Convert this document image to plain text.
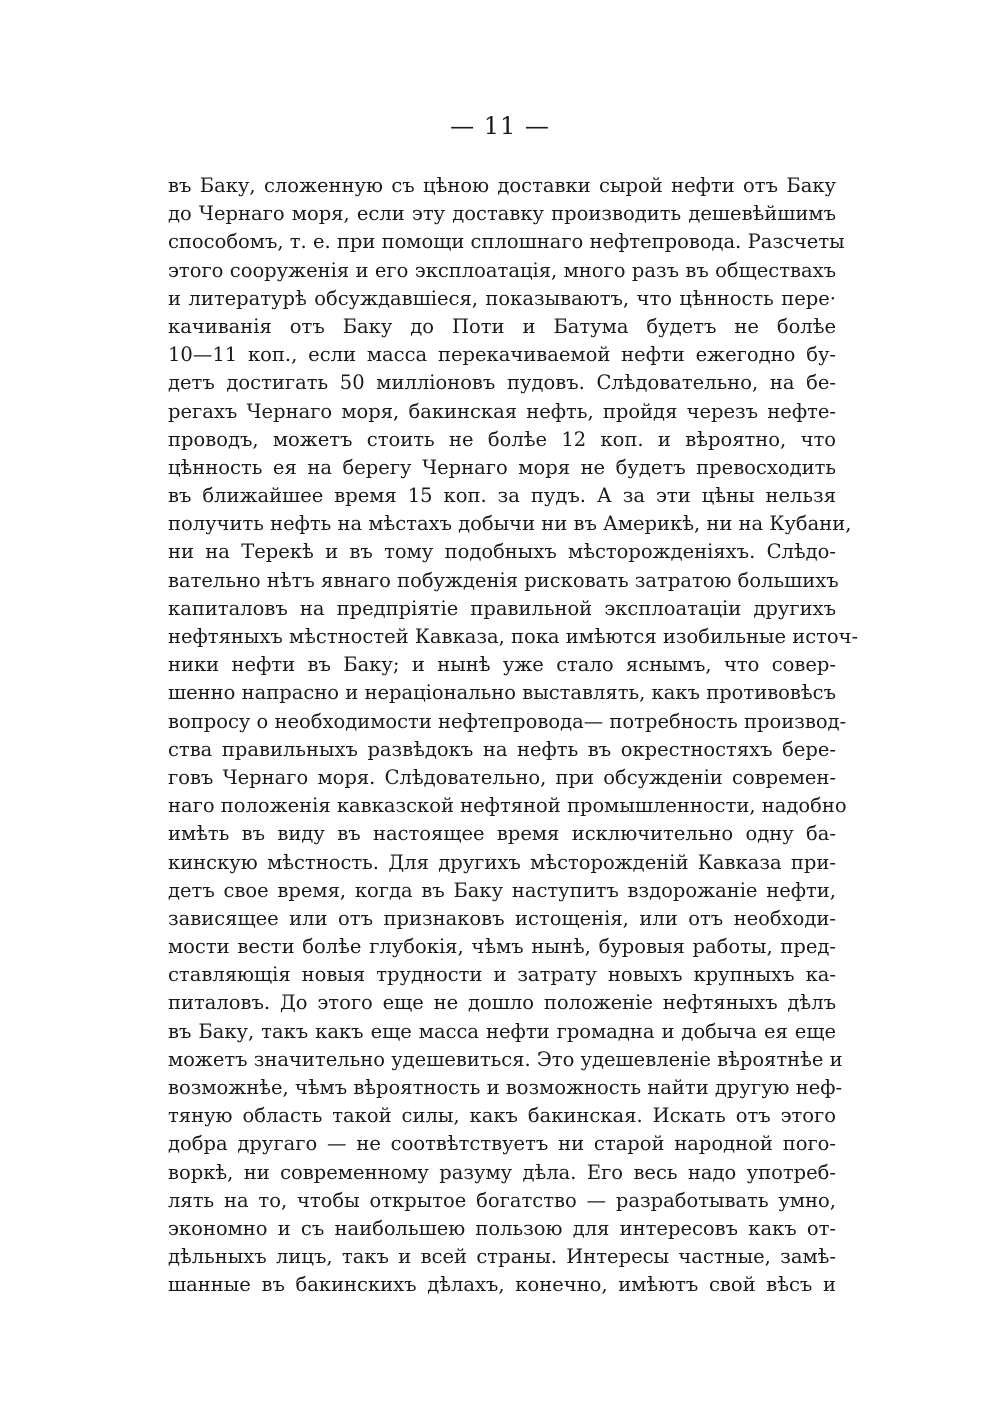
— 11 —
въ Баку, сложенную съ цѣною доставки сырой нефти отъ Баку
до Чернаго моря, если эту доставку производить дешевѣйшимъ
способомъ, т. е. при помощи сплошнаго нефтепровода. Разсчеты
этого сооруженія и его эксплоатація, много разъ въ обществахъ
и литературѣ обсуждавшіеся, показываютъ, что цѣнность пере·
качиванія отъ Баку до Поти и Батума будетъ не болѣе
10—11 коп., если масса перекачиваемой нефти ежегодно бу-
детъ достигать 50 милліоновъ пудовъ. Слѣдовательно, на бе-
регахъ Чернаго моря, бакинская нефть, пройдя черезъ нефте-
проводъ, можетъ стоить не болѣе 12 коп. и вѣроятно, что
цѣнность ея на берегу Чернаго моря не будетъ превосходить
въ ближайшее время 15 коп. за пудъ. А за эти цѣны нельзя
получить нефть на мѣстахъ добычи ни въ Америкѣ, ни на Кубани,
ни на Терекѣ и въ тому подобныхъ мѣсторожденіяхъ. Слѣдо-
вательно нѣтъ явнаго побужденія рисковать затратою большихъ
капиталовъ на предпріятіе правильной эксплоатаціи другихъ
нефтяныхъ мѣстностей Кавказа, пока имѣются изобильные источ-
ники нефти въ Баку; и нынѣ уже стало яснымъ, что совер-
шенно напрасно и нераціонально выставлять, какъ противовѣсъ
вопросу о необходимости нефтепровода— потребность производ-
ства правильныхъ развѣдокъ на нефть въ окрестностяхъ бере-
говъ Чернаго моря. Слѣдовательно, при обсужденіи современ-
наго положенія кавказской нефтяной промышленности, надобно
имѣть въ виду въ настоящее время исключительно одну ба-
кинскую мѣстность. Для другихъ мѣсторожденій Кавказа при-
детъ свое время, когда въ Баку наступитъ вздорожаніе нефти,
зависящее или отъ признаковъ истощенія, или отъ необходи-
мости вести болѣе глубокія, чѣмъ нынѣ, буровыя работы, пред-
ставляющія новыя трудности и затрату новыхъ крупныхъ ка-
питаловъ. До этого еще не дошло положеніе нефтяныхъ дѣлъ
въ Баку, такъ какъ еще масса нефти громадна и добыча ея еще
можетъ значительно удешевиться. Это удешевленіе вѣроятнѣе и
возможнѣе, чѣмъ вѣроятность и возможность найти другую неф-
тяную область такой силы, какъ бакинская. Искать отъ этого
добра другаго — не соотвѣтствуетъ ни старой народной пого-
воркѣ, ни современному разуму дѣла. Его весь надо употреб-
лять на то, чтобы открытое богатство — разработывать умно,
экономно и съ наибольшею пользою для интересовъ какъ от-
дѣльныхъ лицъ, такъ и всей страны. Интересы частные, замѣ-
шанные въ бакинскихъ дѣлахъ, конечно, имѣютъ свой вѣсъ и
